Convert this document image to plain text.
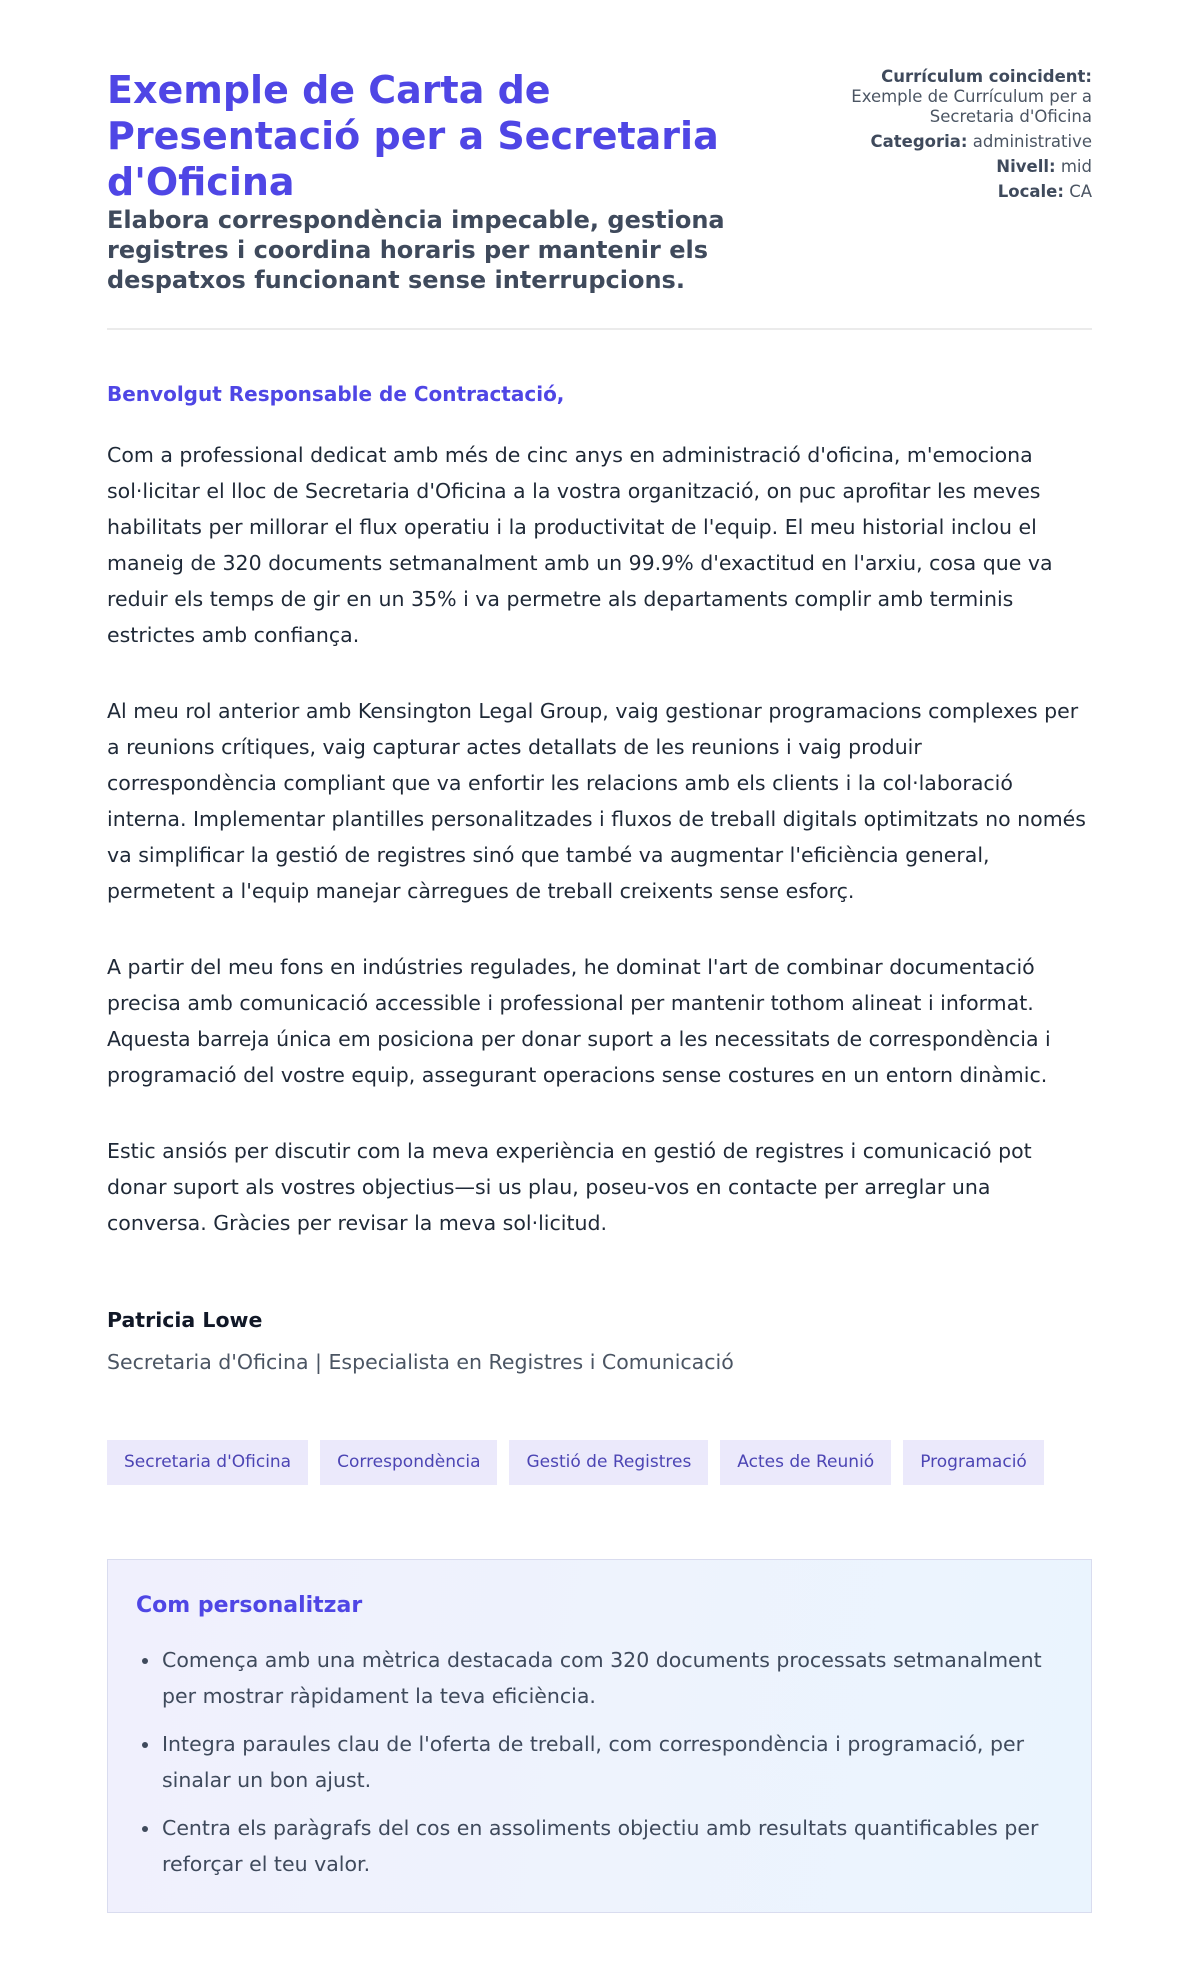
Exemple de Carta de Presentació per a Secretaria d'Oficina
Elabora correspondència impecable, gestiona registres i coordina horaris per mantenir els despatxos funcionant sense interrupcions.
Currículum coincident:
Exemple de Currículum per a Secretaria d'Oficina
Categoria: administrative
Nivell: mid
Locale: CA
Benvolgut Responsable de Contractació,

Com a professional dedicat amb més de cinc anys en administració d'oficina, m'emociona sol·licitar el lloc de Secretaria d'Oficina a la vostra organització, on puc aprofitar les meves habilitats per millorar el flux operatiu i la productivitat de l'equip. El meu historial inclou el maneig de 320 documents setmanalment amb un 99.9% d'exactitud en l'arxiu, cosa que va reduir els temps de gir en un 35% i va permetre als departaments complir amb terminis estrictes amb confiança.

Al meu rol anterior amb Kensington Legal Group, vaig gestionar programacions complexes per a reunions crítiques, vaig capturar actes detallats de les reunions i vaig produir correspondència compliant que va enfortir les relacions amb els clients i la col·laboració interna. Implementar plantilles personalitzades i fluxos de treball digitals optimitzats no només va simplificar la gestió de registres sinó que també va augmentar l'eficiència general, permetent a l'equip manejar càrregues de treball creixents sense esforç.

A partir del meu fons en indústries regulades, he dominat l'art de combinar documentació precisa amb comunicació accessible i professional per mantenir tothom alineat i informat. Aquesta barreja única em posiciona per donar suport a les necessitats de correspondència i programació del vostre equip, assegurant operacions sense costures en un entorn dinàmic.

Estic ansiós per discutir com la meva experiència en gestió de registres i comunicació pot donar suport als vostres objectius—si us plau, poseu-vos en contacte per arreglar una conversa. Gràcies per revisar la meva sol·licitud.

Patricia Lowe
Secretaria d'Oficina | Especialista en Registres i Comunicació
Secretaria d'Oficina	Correspondència	Gestió de Registres	Actes de Reunió	Programació
Com personalitzar
Comença amb una mètrica destacada com 320 documents processats setmanalment per mostrar ràpidament la teva eficiència.
Integra paraules clau de l'oferta de treball, com correspondència i programació, per sinalar un bon ajust.
Centra els paràgrafs del cos en assoliments objectiu amb resultats quantificables per reforçar el teu valor.
